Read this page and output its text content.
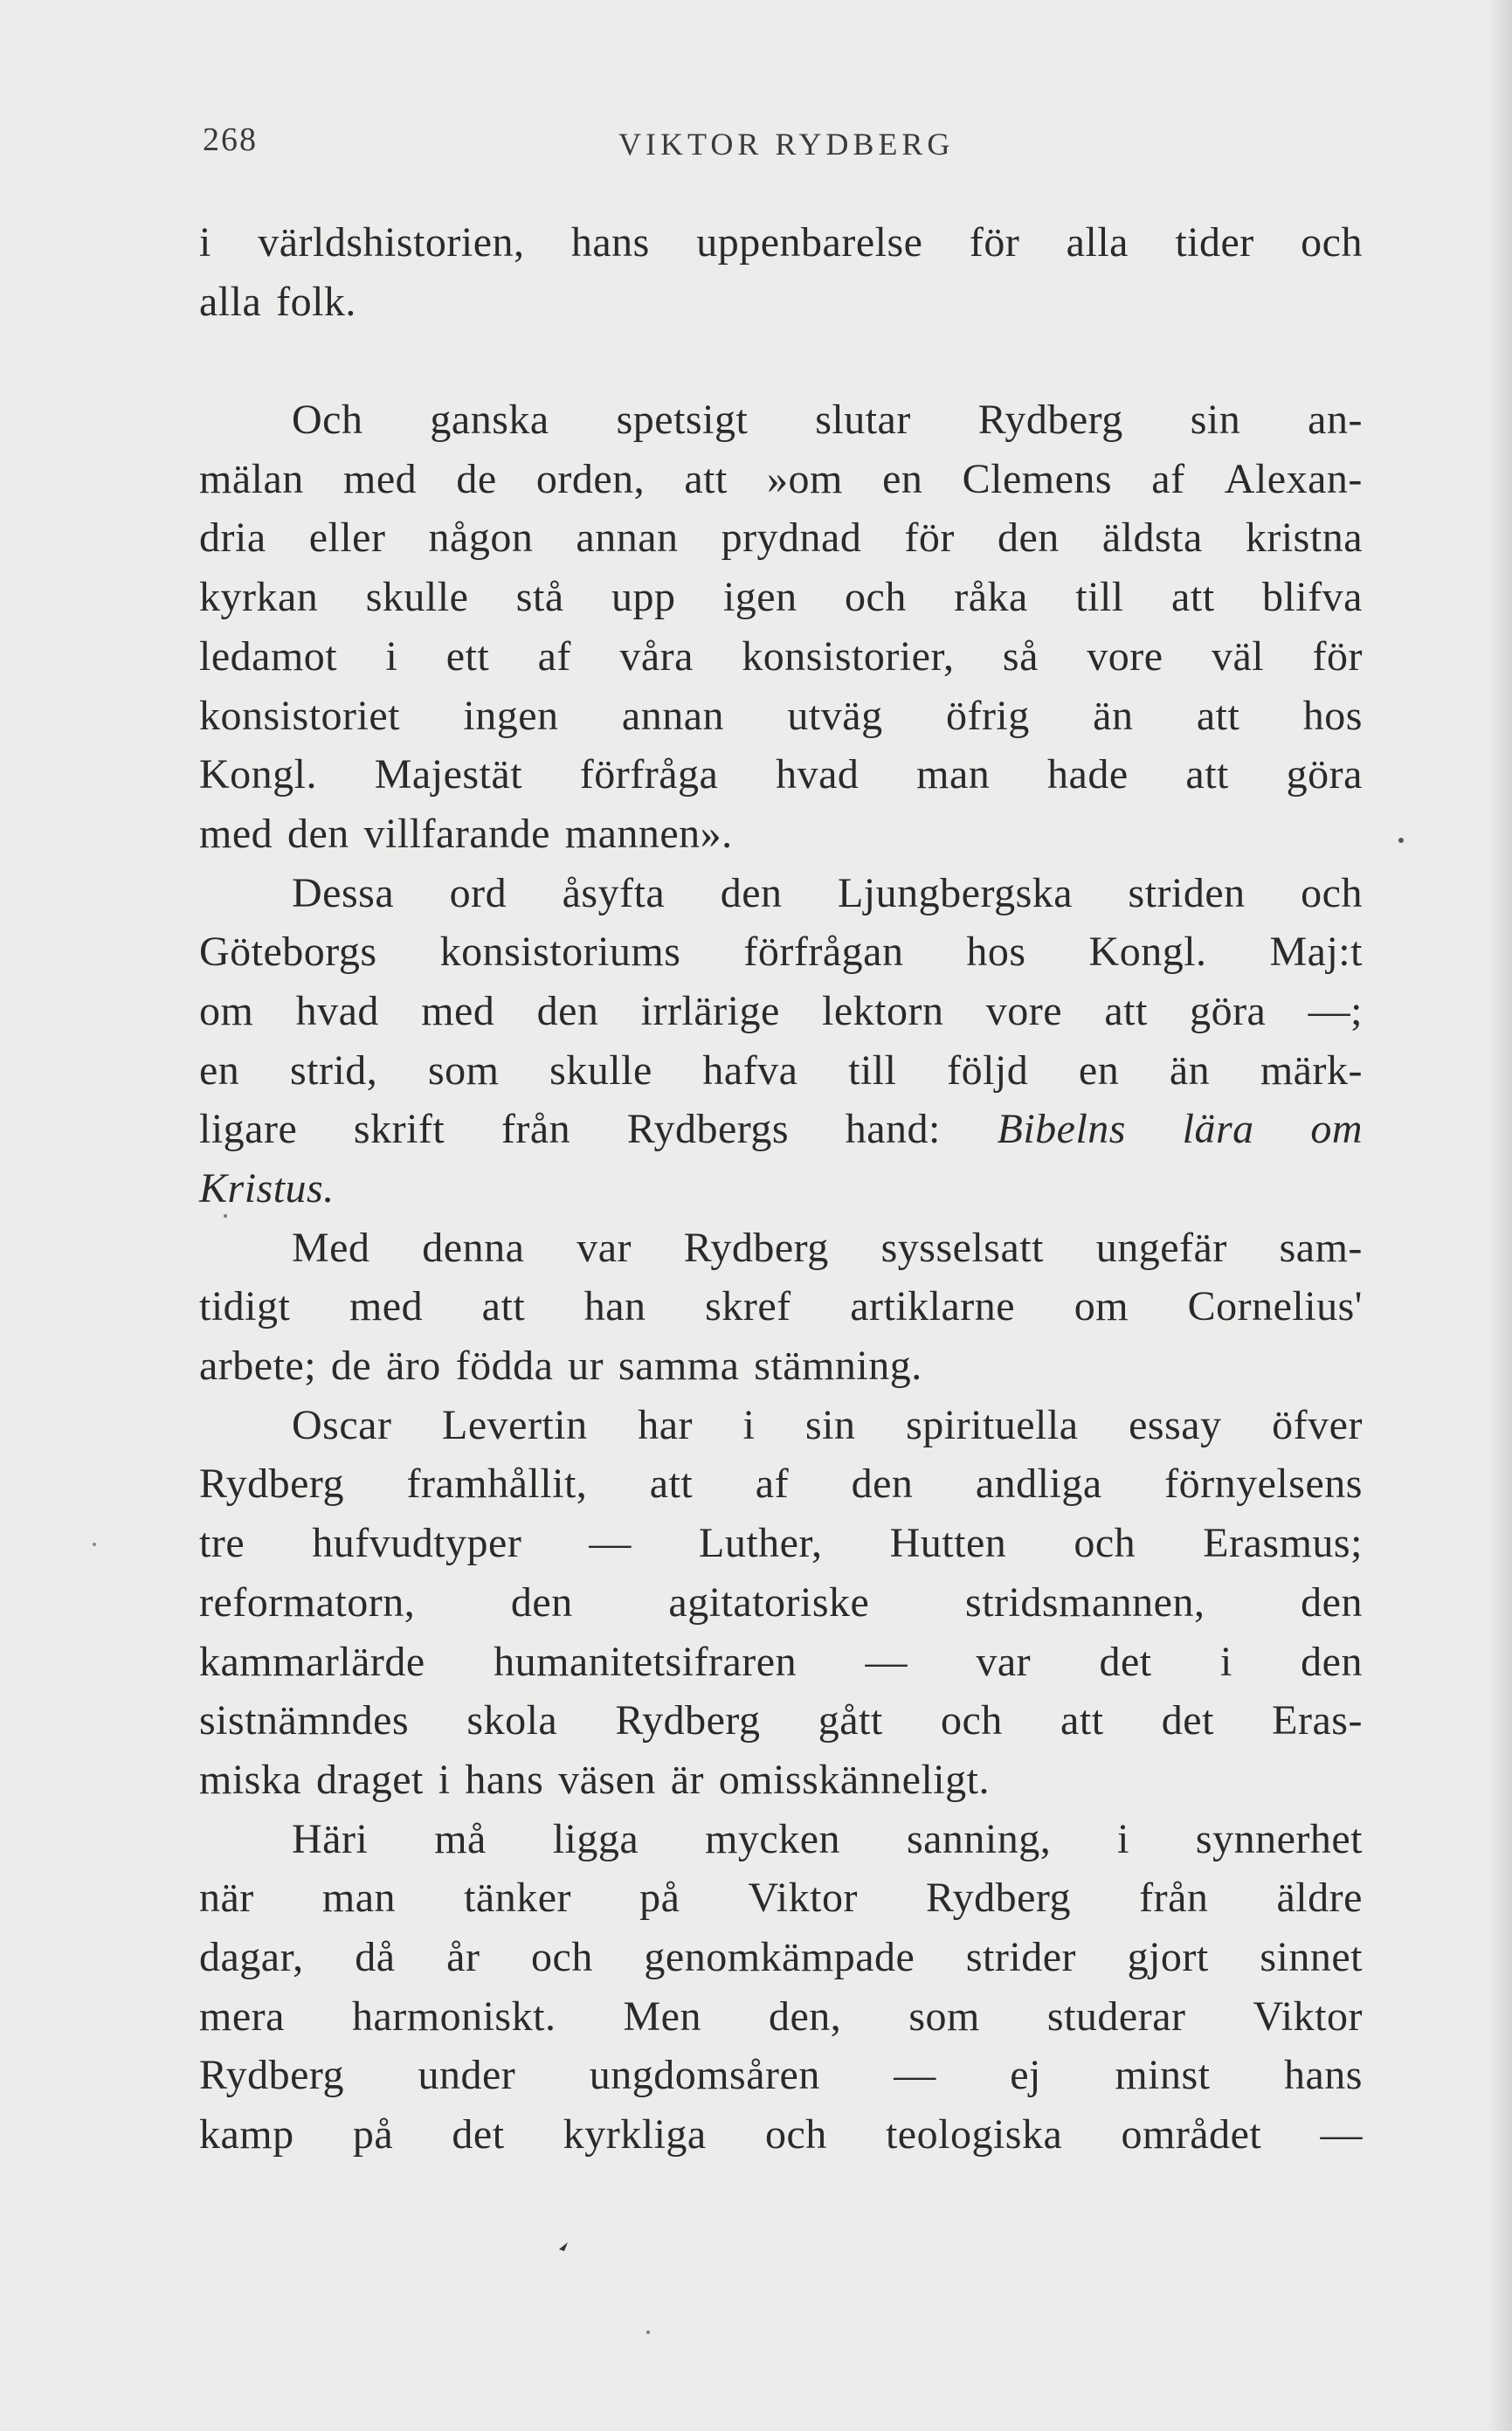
268	VIKTOR RYDBERG
i världshistorien, hans uppenbarelse för alla tider och
alla folk.
Och ganska spetsigt slutar Rydberg sin an-
mälan med de orden, att »om en Clemens af Alexan-
dria eller någon annan prydnad för den äldsta kristna
kyrkan skulle stå upp igen och råka till att blifva
ledamot i ett af våra konsistorier, så vore väl för
konsistoriet ingen annan utväg öfrig än att hos
Kongl. Majestät förfråga hvad man hade att göra
med den villfarande mannen».
Dessa ord åsyfta den Ljungbergska striden och
Göteborgs konsistoriums förfrågan hos Kongl. Maj:t
om hvad med den irrlärige lektorn vore att göra —;
en strid, som skulle hafva till följd en än märk-
ligare skrift från Rydbergs hand: Bibelns lära om
Kristus.
Med denna var Rydberg sysselsatt ungefär sam-
tidigt med att han skref artiklarne om Cornelius'
arbete; de äro födda ur samma stämning.
Oscar Levertin har i sin spirituella essay öfver
Rydberg framhållit, att af den andliga förnyelsens
tre hufvudtyper — Luther, Hutten och Erasmus;
reformatorn, den agitatoriske stridsmannen, den
kammarlärde humanitetsifraren — var det i den
sistnämndes skola Rydberg gått och att det Eras-
miska draget i hans väsen är omisskänneligt.
Häri må ligga mycken sanning, i synnerhet
när man tänker på Viktor Rydberg från äldre
dagar, då år och genomkämpade strider gjort sinnet
mera harmoniskt. Men den, som studerar Viktor
Rydberg under ungdomsåren — ej minst hans
kamp på det kyrkliga och teologiska området —
